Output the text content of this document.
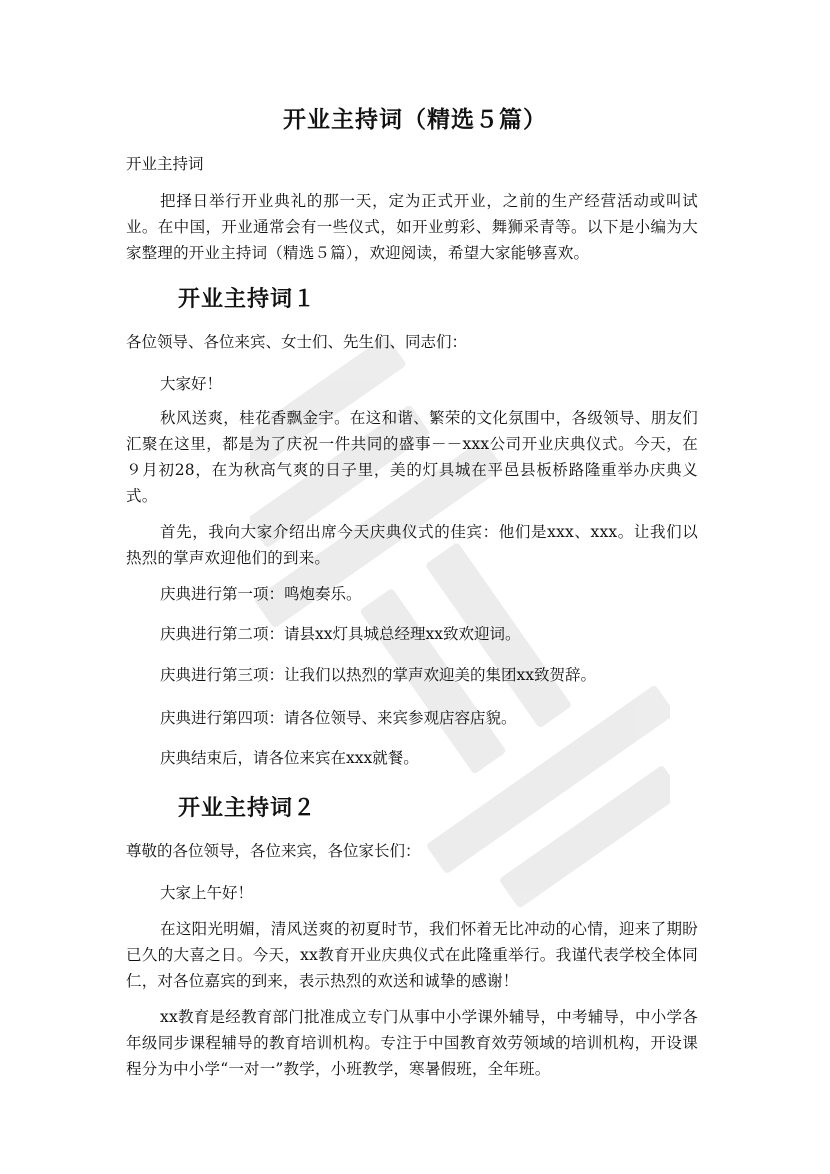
开业主持词（精选５篇）
开业主持词
把择日举行开业典礼的那一天，定为正式开业，之前的生产经营活动或叫试业。在中国，开业通常会有一些仪式，如开业剪彩、舞狮采青等。以下是小编为大家整理的开业主持词（精选５篇），欢迎阅读，希望大家能够喜欢。
开业主持词１
各位领导、各位来宾、女士们、先生们、同志们：
大家好！
秋风送爽，桂花香飘金宇。在这和谐、繁荣的文化氛围中，各级领导、朋友们汇聚在这里，都是为了庆祝一件共同的盛事－－xxx公司开业庆典仪式。今天，在９月初28，在为秋高气爽的日子里，美的灯具城在平邑县板桥路隆重举办庆典义式。
首先，我向大家介绍出席今天庆典仪式的佳宾：他们是xxx、xxx。让我们以热烈的掌声欢迎他们的到来。
庆典进行第一项：鸣炮奏乐。
庆典进行第二项：请县xx灯具城总经理xx致欢迎词。
庆典进行第三项：让我们以热烈的掌声欢迎美的集团xx致贺辞。
庆典进行第四项：请各位领导、来宾参观店容店貌。
庆典结束后，请各位来宾在xxx就餐。
开业主持词２
尊敬的各位领导，各位来宾，各位家长们：
大家上午好！
在这阳光明媚，清风送爽的初夏时节，我们怀着无比冲动的心情，迎来了期盼已久的大喜之日。今天，xx教育开业庆典仪式在此隆重举行。我谨代表学校全体同仁，对各位嘉宾的到来，表示热烈的欢送和诚挚的感谢！
xx教育是经教育部门批准成立专门从事中小学课外辅导，中考辅导，中小学各年级同步课程辅导的教育培训机构。专注于中国教育效劳领域的培训机构，开设课程分为中小学“一对一”教学，小班教学，寒暑假班，全年班。
